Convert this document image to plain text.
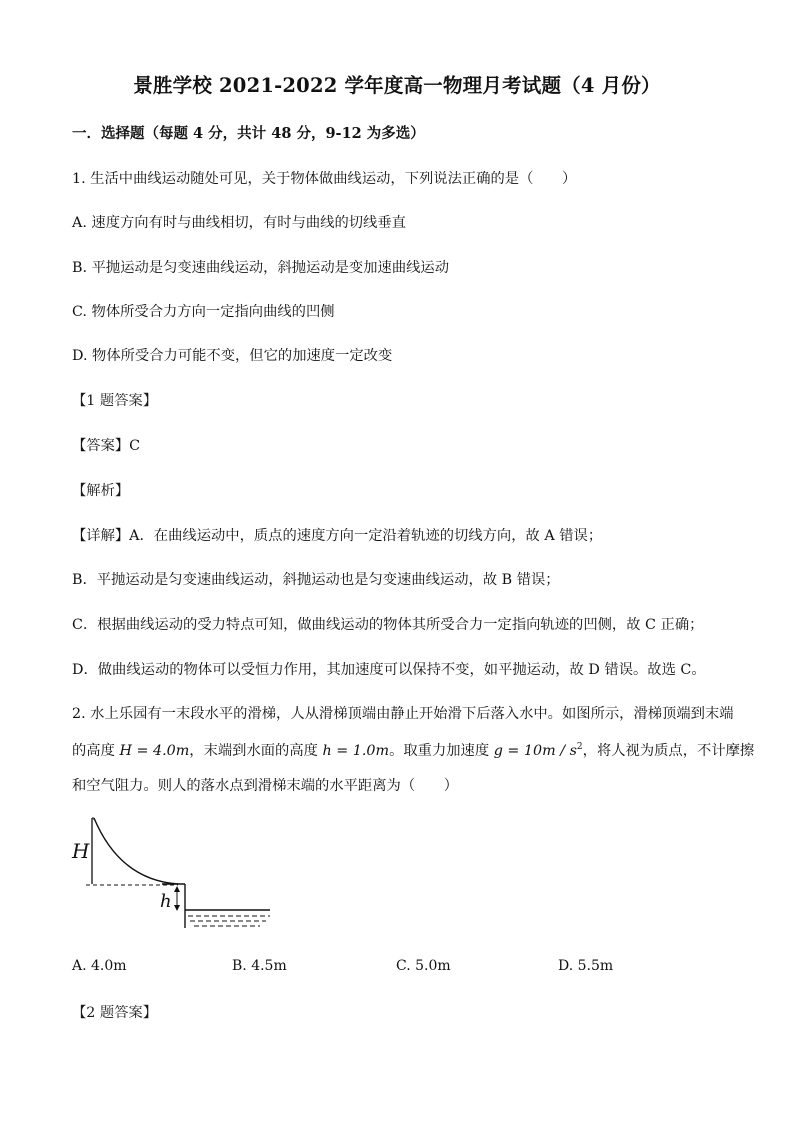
景胜学校 2021-2022 学年度高一物理月考试题（4 月份）
一．选择题（每题 4 分，共计 48 分，9-12 为多选）
1. 生活中曲线运动随处可见，关于物体做曲线运动，下列说法正确的是（　　）
A. 速度方向有时与曲线相切，有时与曲线的切线垂直
B. 平抛运动是匀变速曲线运动，斜抛运动是变加速曲线运动
C. 物体所受合力方向一定指向曲线的凹侧
D. 物体所受合力可能不变，但它的加速度一定改变
【1 题答案】
【答案】C
【解析】
【详解】A．在曲线运动中，质点的速度方向一定沿着轨迹的切线方向，故 A 错误；
B．平抛运动是匀变速曲线运动，斜抛运动也是匀变速曲线运动，故 B 错误；
C．根据曲线运动的受力特点可知，做曲线运动的物体其所受合力一定指向轨迹的凹侧，故 C 正确；
D．做曲线运动的物体可以受恒力作用，其加速度可以保持不变，如平抛运动，故 D 错误。故选 C。
2. 水上乐园有一末段水平的滑梯，人从滑梯顶端由静止开始滑下后落入水中。如图所示，滑梯顶端到末端
的高度 H = 4.0m，末端到水面的高度 h = 1.0m。取重力加速度 $g = 10m / s^2$，将人视为质点，不计摩擦
和空气阻力。则人的落水点到滑梯末端的水平距离为（　　）
H
h
A. 4.0m	B. 4.5m	C. 5.0m	D. 5.5m
【2 题答案】
